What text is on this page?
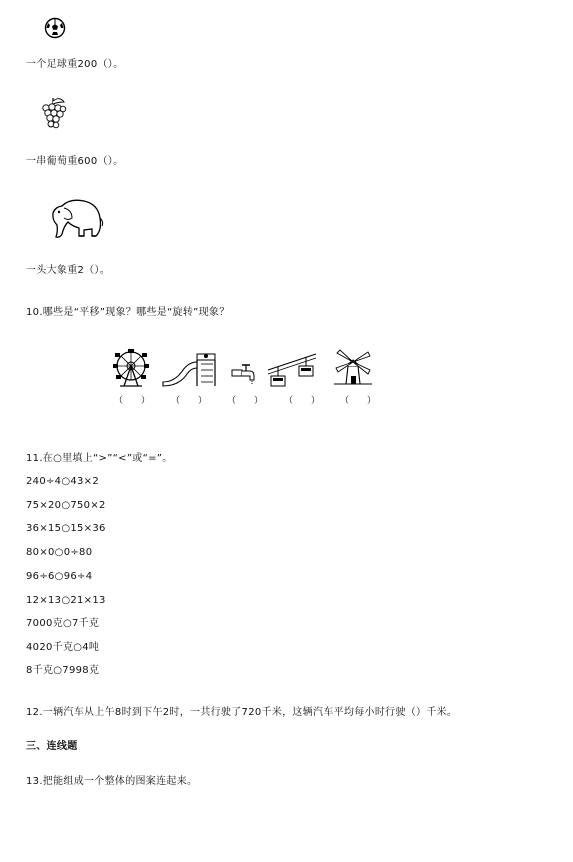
一个足球重200（）。
一串葡萄重600（）。
一头大象重2（）。
10.哪些是“平移”现象？哪些是“旋转”现象？
（　　） （　　） （　　） （　　） （　　）
11.在○里填上“>”“<”或“=”。
240÷4○43×2
75×20○750×2
36×15○15×36
80×0○0÷80
96÷6○96÷4
12×13○21×13
7000克○7千克
4020千克○4吨
8千克○7998克
12.一辆汽车从上午8时到下午2时，一共行驶了720千米，这辆汽车平均每小时行驶（）千米。
三、连线题
13.把能组成一个整体的图案连起来。
